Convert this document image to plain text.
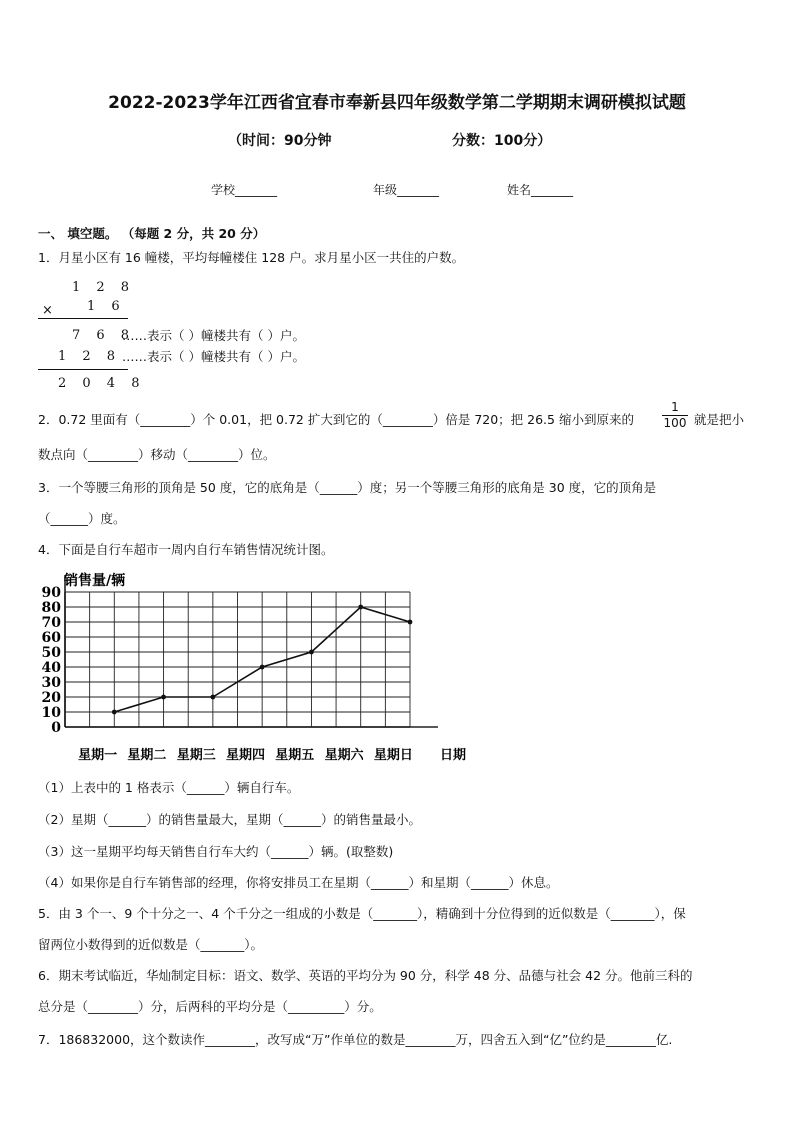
2022-2023学年江西省宜春市奉新县四年级数学第二学期期末调研模拟试题
（时间：90分钟	分数：100分）
学校_______	年级_______	姓名_______
一、 填空题。 （每题 2 分，共 20 分）
1．月星小区有 16 幢楼，平均每幢楼住 128 户。求月星小区一共住的户数。
1 2 8
×	1 6
7 6 8
……表示（ ）幢楼共有（ ）户。
1 2 8 ……表示（ ）幢楼共有（ ）户。
2 0 4 8
2．0.72 里面有（________）个 0.01，把 0.72 扩大到它的（________）倍是 720；把 26.5 缩小到原来的
1
100 就是把小
数点向（________）移动（________）位。
3．一个等腰三角形的顶角是 50 度，它的底角是（______）度；另一个等腰三角形的底角是 30 度，它的顶角是
（______）度。
4．下面是自行车超市一周内自行车销售情况统计图。
0
10
20
30
40
50
60
70
80
90
星期一 星期二 星期三 星期四 星期五 星期六 星期日
销售量/辆
日期
（1）上表中的 1 格表示（______）辆自行车。
（2）星期（______）的销售量最大，星期（______）的销售量最小。
（3）这一星期平均每天销售自行车大约（______）辆。(取整数)
（4）如果你是自行车销售部的经理，你将安排员工在星期（______）和星期（______）休息。
5．由 3 个一、9 个十分之一、4 个千分之一组成的小数是（_______），精确到十分位得到的近似数是（_______），保
留两位小数得到的近似数是（_______）。
6．期末考试临近，华灿制定目标：语文、数学、英语的平均分为 90 分，科学 48 分、品德与社会 42 分。他前三科的
总分是（________）分，后两科的平均分是（_________）分。
7．186832000，这个数读作________，改写成“万”作单位的数是________万，四舍五入到“亿”位约是________亿.
